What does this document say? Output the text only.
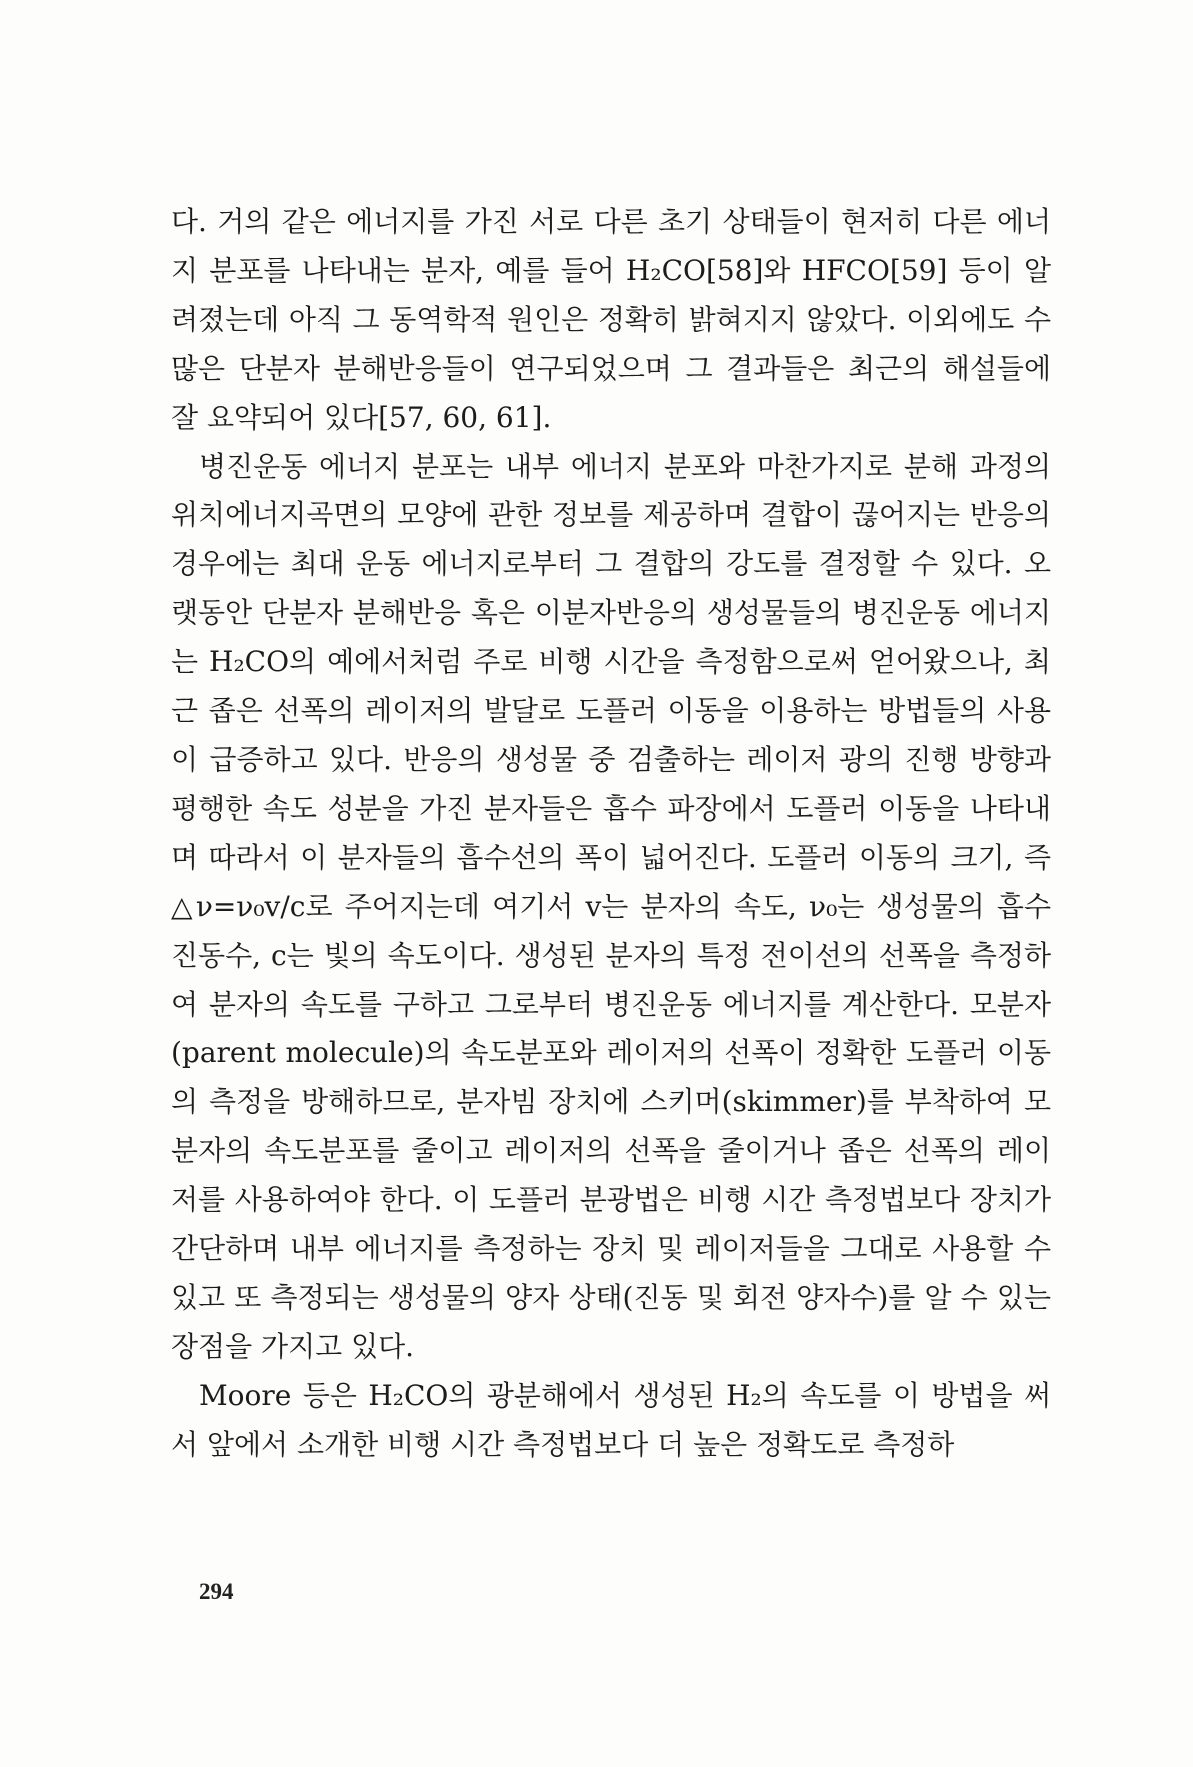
다. 거의 같은 에너지를 가진 서로 다른 초기 상태들이 현저히 다른 에너지 분포를 나타내는 분자, 예를 들어 H₂CO[58]와 HFCO[59] 등이 알려졌는데 아직 그 동역학적 원인은 정확히 밝혀지지 않았다. 이외에도 수많은 단분자 분해반응들이 연구되었으며 그 결과들은 최근의 해설들에 잘 요약되어 있다[57, 60, 61].

병진운동 에너지 분포는 내부 에너지 분포와 마찬가지로 분해 과정의 위치에너지곡면의 모양에 관한 정보를 제공하며 결합이 끊어지는 반응의 경우에는 최대 운동 에너지로부터 그 결합의 강도를 결정할 수 있다. 오랫동안 단분자 분해반응 혹은 이분자반응의 생성물들의 병진운동 에너지는 H₂CO의 예에서처럼 주로 비행 시간을 측정함으로써 얻어왔으나, 최근 좁은 선폭의 레이저의 발달로 도플러 이동을 이용하는 방법들의 사용이 급증하고 있다. 반응의 생성물 중 검출하는 레이저 광의 진행 방향과 평행한 속도 성분을 가진 분자들은 흡수 파장에서 도플러 이동을 나타내며 따라서 이 분자들의 흡수선의 폭이 넓어진다. 도플러 이동의 크기, 즉 △ν=ν₀v/c로 주어지는데 여기서 v는 분자의 속도, ν₀는 생성물의 흡수 진동수, c는 빛의 속도이다. 생성된 분자의 특정 전이선의 선폭을 측정하여 분자의 속도를 구하고 그로부터 병진운동 에너지를 계산한다. 모분자(parent molecule)의 속도분포와 레이저의 선폭이 정확한 도플러 이동의 측정을 방해하므로, 분자빔 장치에 스키머(skimmer)를 부착하여 모분자의 속도분포를 줄이고 레이저의 선폭을 줄이거나 좁은 선폭의 레이저를 사용하여야 한다. 이 도플러 분광법은 비행 시간 측정법보다 장치가 간단하며 내부 에너지를 측정하는 장치 및 레이저들을 그대로 사용할 수 있고 또 측정되는 생성물의 양자 상태(진동 및 회전 양자수)를 알 수 있는 장점을 가지고 있다.

Moore 등은 H₂CO의 광분해에서 생성된 H₂의 속도를 이 방법을 써서 앞에서 소개한 비행 시간 측정법보다 더 높은 정확도로 측정하

294
